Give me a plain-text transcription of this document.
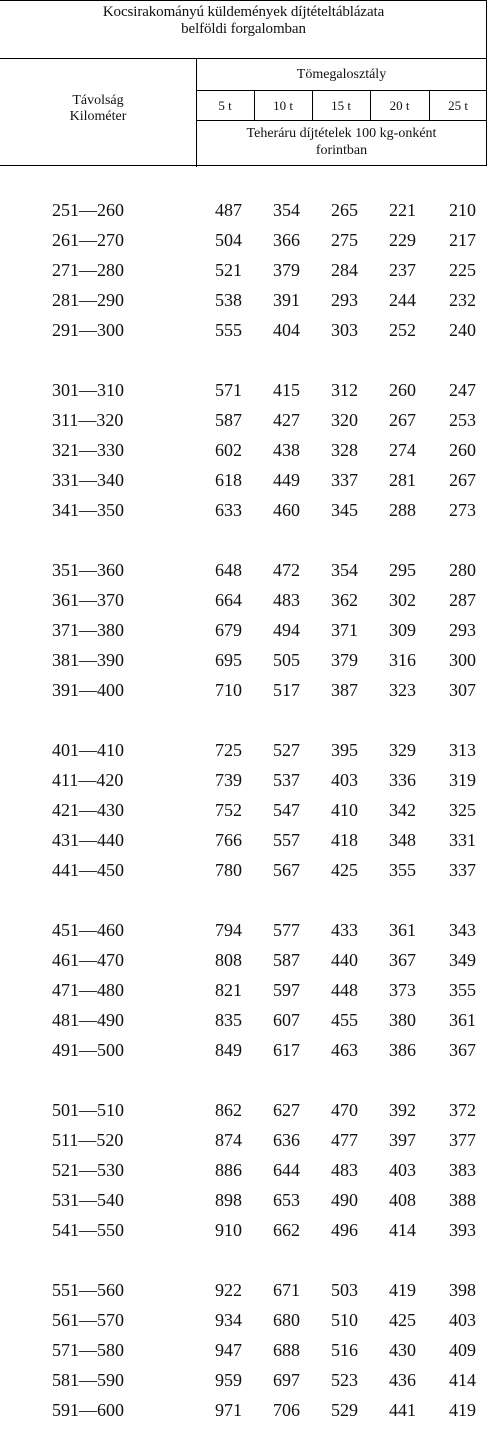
Kocsirakományú küldemények díjtételtáblázata
belföldi forgalomban
Távolság
Kilométer
Tömegalosztály
5 t	10 t	15 t	20 t	25 t
Teheráru díjtételek 100 kg-onként
forintban
251—260	487	354	265	221	210
261—270	504	366	275	229	217
271—280	521	379	284	237	225
281—290	538	391	293	244	232
291—300	555	404	303	252	240
301—310	571	415	312	260	247
311—320	587	427	320	267	253
321—330	602	438	328	274	260
331—340	618	449	337	281	267
341—350	633	460	345	288	273
351—360	648	472	354	295	280
361—370	664	483	362	302	287
371—380	679	494	371	309	293
381—390	695	505	379	316	300
391—400	710	517	387	323	307
401—410	725	527	395	329	313
411—420	739	537	403	336	319
421—430	752	547	410	342	325
431—440	766	557	418	348	331
441—450	780	567	425	355	337
451—460	794	577	433	361	343
461—470	808	587	440	367	349
471—480	821	597	448	373	355
481—490	835	607	455	380	361
491—500	849	617	463	386	367
501—510	862	627	470	392	372
511—520	874	636	477	397	377
521—530	886	644	483	403	383
531—540	898	653	490	408	388
541—550	910	662	496	414	393
551—560	922	671	503	419	398
561—570	934	680	510	425	403
571—580	947	688	516	430	409
581—590	959	697	523	436	414
591—600	971	706	529	441	419
